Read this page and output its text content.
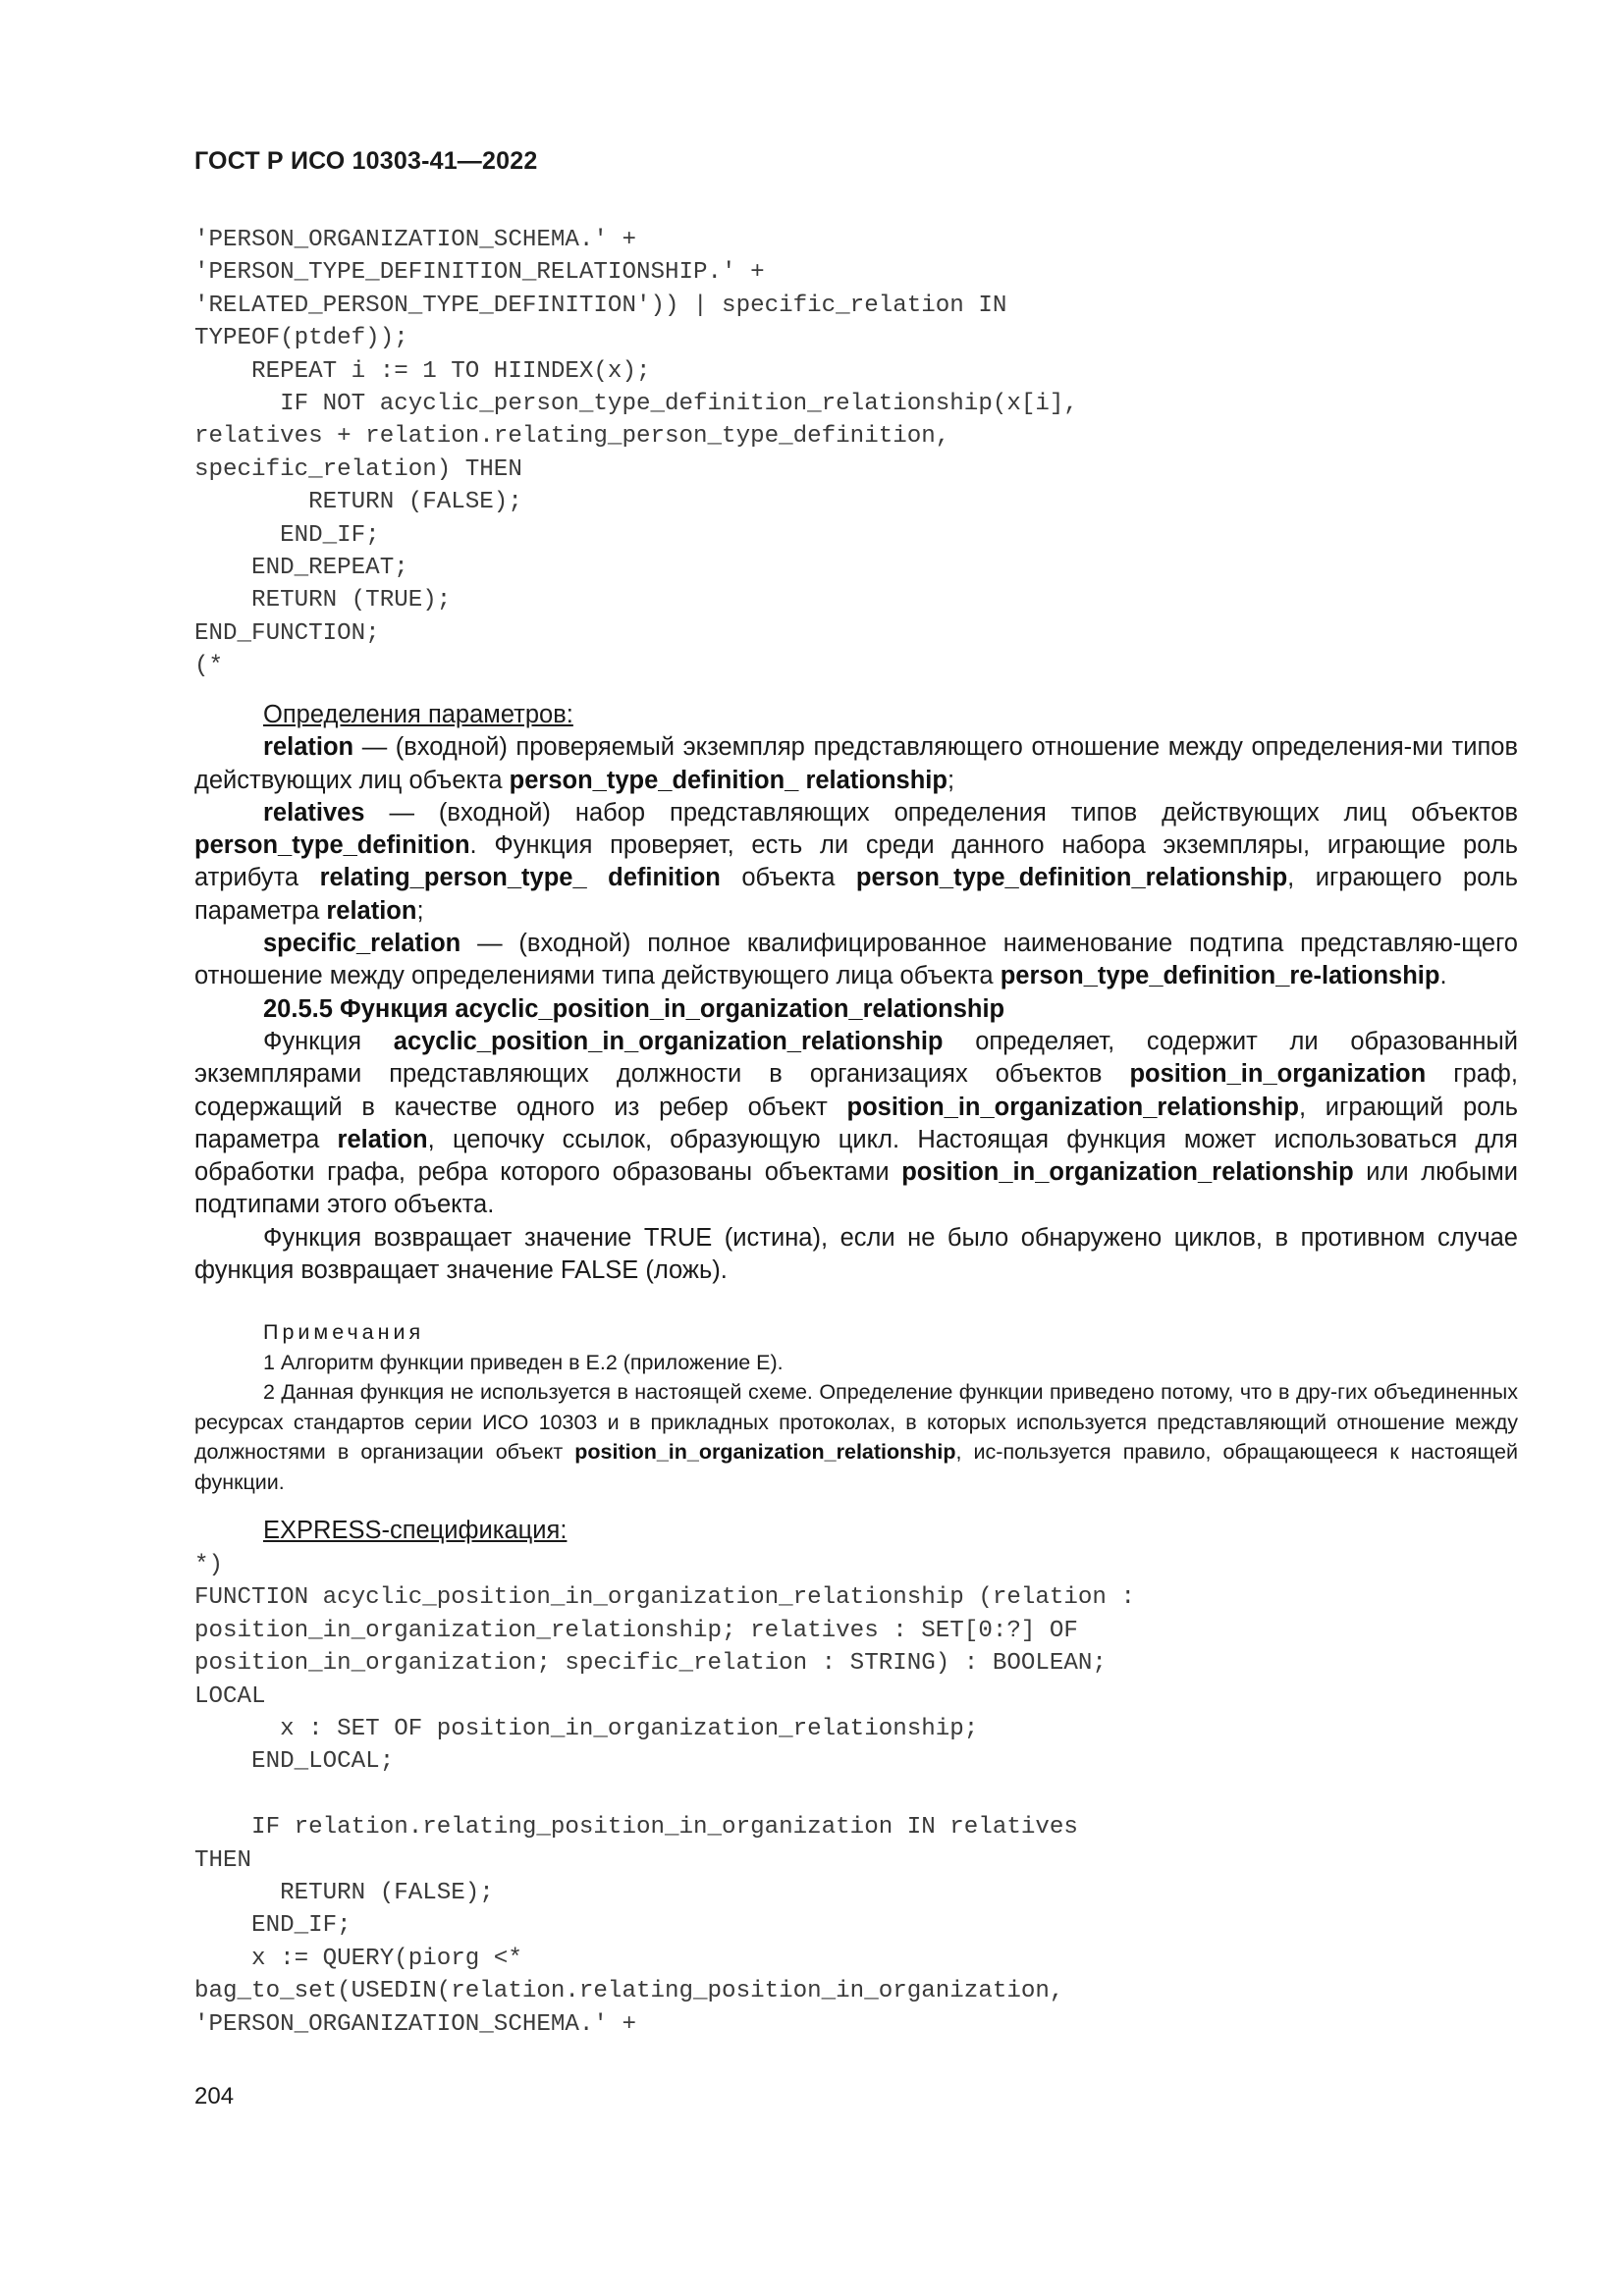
ГОСТ Р ИСО 10303-41—2022
'PERSON_ORGANIZATION_SCHEMA.' +
'PERSON_TYPE_DEFINITION_RELATIONSHIP.' +
'RELATED_PERSON_TYPE_DEFINITION')) | specific_relation IN
TYPEOF(ptdef));
REPEAT i := 1 TO HIINDEX(x);
IF NOT acyclic_person_type_definition_relationship(x[i],
relatives + relation.relating_person_type_definition,
specific_relation) THEN
RETURN (FALSE);
END_IF;
END_REPEAT;
RETURN (TRUE);
END_FUNCTION;
(*

Определения параметров:

relation — (входной) проверяемый экземпляр представляющего отношение между определения-ми типов действующих лиц объекта person_type_definition_ relationship;

relatives — (входной) набор представляющих определения типов действующих лиц объектов person_type_definition. Функция проверяет, есть ли среди данного набора экземпляры, играющие роль атрибута relating_person_type_ definition объекта person_type_definition_relationship, играющего роль параметра relation;

specific_relation — (входной) полное квалифицированное наименование подтипа представляю-щего отношение между определениями типа действующего лица объекта person_type_definition_re-lationship.

20.5.5 Функция acyclic_position_in_organization_relationship

Функция acyclic_position_in_organization_relationship определяет, содержит ли образованный экземплярами представляющих должности в организациях объектов position_in_organization граф, содержащий в качестве одного из ребер объект position_in_organization_relationship, играющий роль параметра relation, цепочку ссылок, образующую цикл. Настоящая функция может использоваться для обработки графа, ребра которого образованы объектами position_in_organization_relationship или любыми подтипами этого объекта.

Функция возвращает значение TRUE (истина), если не было обнаружено циклов, в противном случае функция возвращает значение FALSE (ложь).

Примечания

1 Алгоритм функции приведен в Е.2 (приложение Е).

2 Данная функция не используется в настоящей схеме. Определение функции приведено потому, что в дру-гих объединенных ресурсах стандартов серии ИСО 10303 и в прикладных протоколах, в которых используется представляющий отношение между должностями в организации объект position_in_organization_relationship, ис-пользуется правило, обращающееся к настоящей функции.

EXPRESS-спецификация:

*)
FUNCTION acyclic_position_in_organization_relationship (relation :
position_in_organization_relationship; relatives : SET[0:?] OF
position_in_organization; specific_relation : STRING) : BOOLEAN;
LOCAL
x : SET OF position_in_organization_relationship;
END_LOCAL;

IF relation.relating_position_in_organization IN relatives
THEN
RETURN (FALSE);
END_IF;
x := QUERY(piorg <*
bag_to_set(USEDIN(relation.relating_position_in_organization,
'PERSON_ORGANIZATION_SCHEMA.' +
204
